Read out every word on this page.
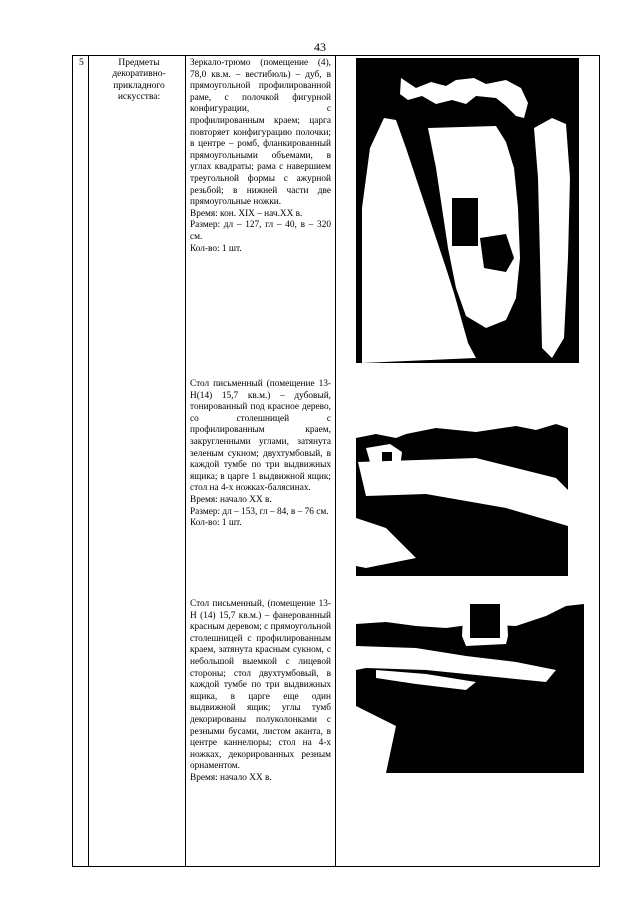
43
5	Предметы декоративно-прикладного искусства:

Зеркало-трюмо (помещение (4), 78,0 кв.м. – вестибюль) – дуб, в прямоугольной профилированной раме, с полочкой фигурной конфигурации, с профилированным краем; царга повторяет конфигурацию полочки; в центре – ромб, фланкированный прямоугольными объемами, в углах квадраты; рама с навершием треугольной формы с ажурной резьбой; в нижней части две прямоугольные ножки.

Время: кон. XIX – нач.XX в.

Размер: дл – 127, гл – 40, в – 320 см.

Кол-во: 1 шт.

Стол письменный (помещение 13-Н(14) 15,7 кв.м.) – дубовый, тонированный под красное дерево, со столешницей с профилированным краем, закругленными углами, затянута зеленым сукном; двухтумбовый, в каждой тумбе по три выдвижных ящика; в царге 1 выдвижной ящик; стол на 4-х ножках-балясинах.

Время: начало XX в.

Размер: дл – 153, гл – 84, в – 76 см.

Кол-во: 1 шт.

Стол письменный, (помещение 13-Н (14) 15,7 кв.м.) – фанерованный красным деревом; с прямоугольной столешницей с профилированным краем, затянута красным сукном, с небольшой выемкой с лицевой стороны; стол двухтумбовый, в каждой тумбе по три выдвижных ящика, в царге еще один выдвижной ящик; углы тумб декорированы полуколонками с резными бусами, листом аканта, в центре каннелюры; стол на 4-х ножках, декорированных резным орнаментом.

Время: начало XX в.
